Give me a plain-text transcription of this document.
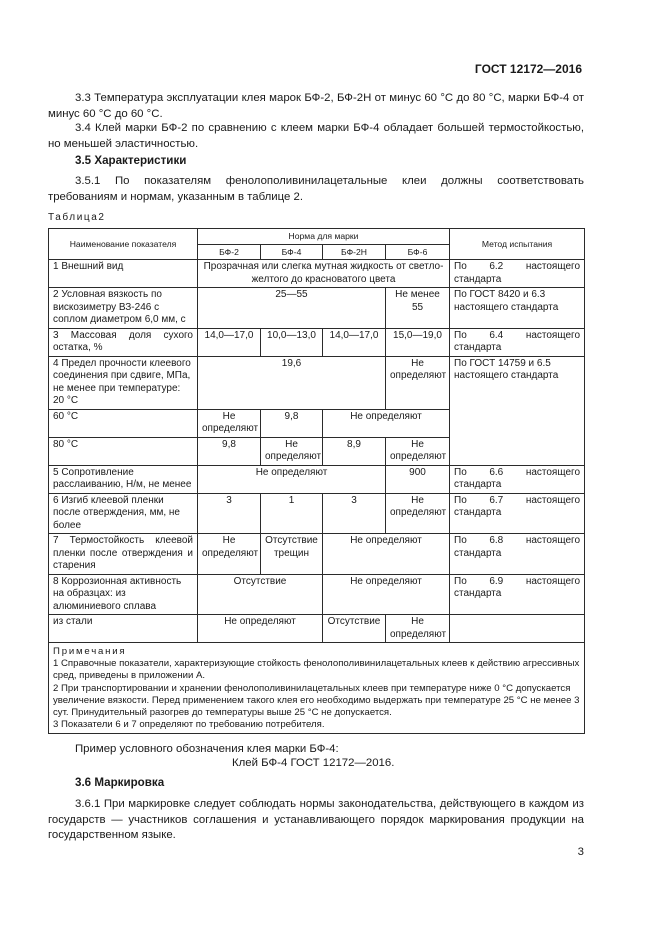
ГОСТ 12172—2016
3.3 Температура эксплуатации клея марок БФ-2, БФ-2Н от минус 60 °С до 80 °С, марки БФ-4 от минус 60 °С до 60 °С.
3.4 Клей марки БФ-2 по сравнению с клеем марки БФ-4 обладает большей термостойкостью, но меньшей эластичностью.
3.5 Характеристики
3.5.1 По показателям фенолополивинилацетальные клеи должны соответствовать требованиям и нормам, указанным в таблице 2.
Таблица2
Наименование показателя	Норма для марки				Метод испытания
	БФ-2	БФ-4	БФ-2Н	БФ-6	
1 Внешний вид	Прозрачная или слегка мутная жидкость от светло-желтого до красноватого цвета				По 6.2 настоящего стандарта
2 Условная вязкость по вискозиметру ВЗ-246 с соплом диаметром 6,0 мм, с	25—55			Не менее 55	По ГОСТ 8420 и 6.3 настоящего стандарта
3 Массовая доля сухого остатка, %	14,0—17,0	10,0—13,0	14,0—17,0	15,0—19,0	По 6.4 настоящего стандарта
4 Предел прочности клеевого соединения при сдвиге, МПа, не менее при температуре: 20 °С	19,6			Не определяют	По ГОСТ 14759 и 6.5 настоящего стандарта
60 °С	Не определяют	9,8	Не определяют		
80 °С	9,8	Не определяют	8,9	Не определяют	
5 Сопротивление расслаиванию, Н/м, не менее	Не определяют			900	По 6.6 настоящего стандарта
6 Изгиб клеевой пленки после отверждения, мм, не более	3	1	3	Не определяют	По 6.7 настоящего стандарта
7 Термостойкость клеевой пленки после отверждения и старения	Не определяют	Отсутствие трещин	Не определяют		По 6.8 настоящего стандарта
8 Коррозионная активность на образцах: из алюминиевого сплава	Отсутствие		Не определяют		По 6.9 настоящего стандарта
из стали	Не определяют		Отсутствие	Не определяют	

Примечания
1 Справочные показатели, характеризующие стойкость фенолополивинилацетальных клеев к действию агрессивных сред, приведены в приложении А.
2 При транспортировании и хранении фенолополивинилацетальных клеев при температуре ниже 0 °С допускается увеличение вязкости. Перед применением такого клея его необходимо выдержать при температуре 25 °С не менее 3 сут. Принудительный разогрев до температуры выше 25 °С не допускается.
3 Показатели 6 и 7 определяют по требованию потребителя.					
Пример условного обозначения клея марки БФ-4:
Клей БФ-4 ГОСТ 12172—2016.
3.6 Маркировка
3.6.1 При маркировке следует соблюдать нормы законодательства, действующего в каждом из государств — участников соглашения и устанавливающего порядок маркирования продукции на государственном языке.
3
